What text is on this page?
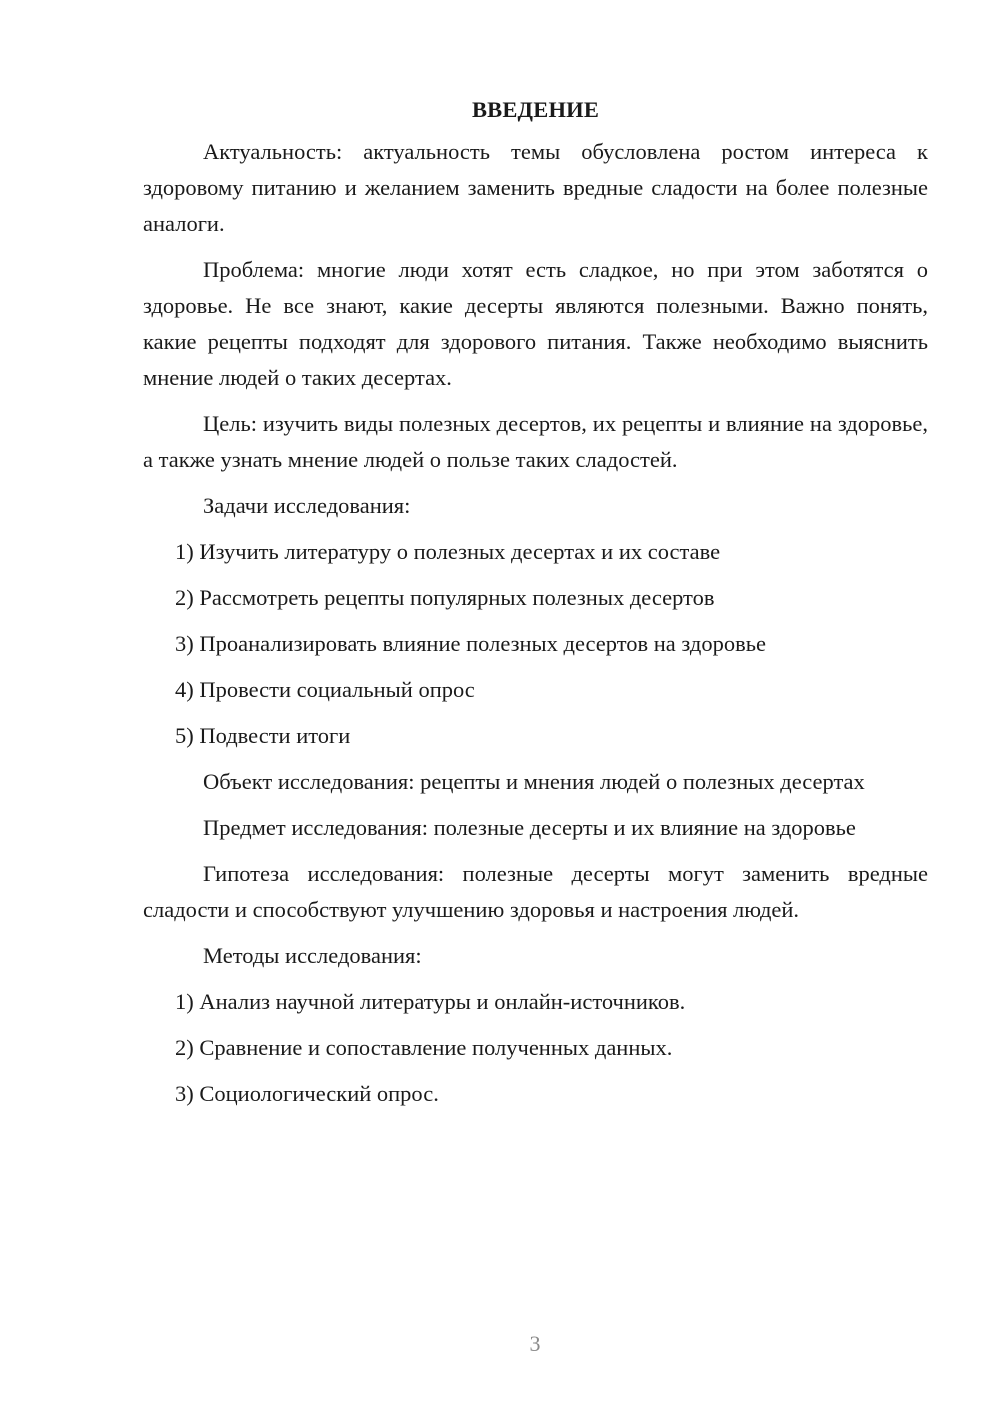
ВВЕДЕНИЕ

Актуальность: актуальность темы обусловлена ростом интереса к здоровому питанию и желанием заменить вредные сладости на более полезные аналоги.

Проблема: многие люди хотят есть сладкое, но при этом заботятся о здоровье. Не все знают, какие десерты являются полезными. Важно понять, какие рецепты подходят для здорового питания. Также необходимо выяснить мнение людей о таких десертах.

Цель: изучить виды полезных десертов, их рецепты и влияние на здоровье, а также узнать мнение людей о пользе таких сладостей.

Задачи исследования:
1) Изучить литературу о полезных десертах и их составе
2) Рассмотреть рецепты популярных полезных десертов
3) Проанализировать влияние полезных десертов на здоровье
4) Провести социальный опрос
5) Подвести итоги
Объект исследования: рецепты и мнения людей о полезных десертах
Предмет исследования: полезные десерты и их влияние на здоровье

Гипотеза исследования: полезные десерты могут заменить вредные сладости и способствуют улучшению здоровья и настроения людей.

Методы исследования:
1) Анализ научной литературы и онлайн-источников.
2) Сравнение и сопоставление полученных данных.
3) Социологический опрос.
3
